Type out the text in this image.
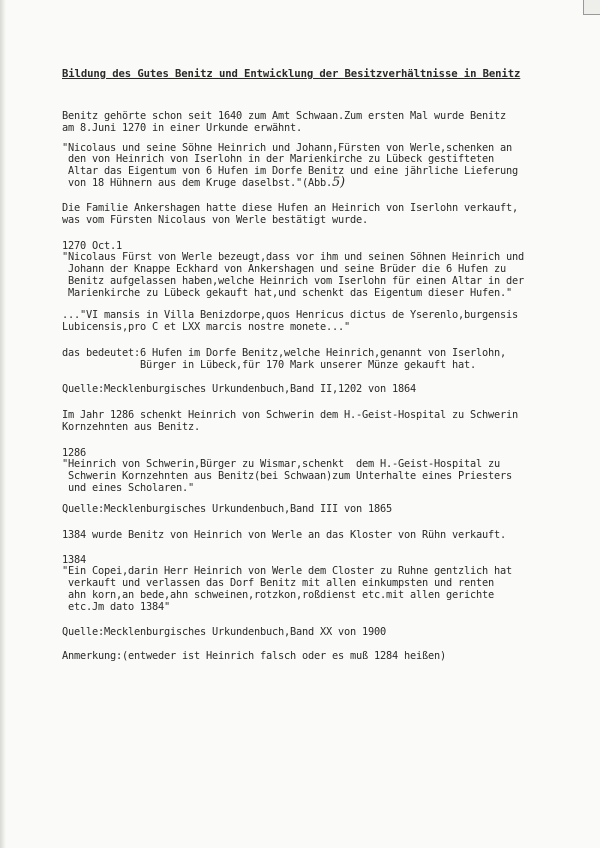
Bildung des Gutes Benitz und Entwicklung der Besitzverhältnisse in Benitz
Benitz gehörte schon seit 1640 zum Amt Schwaan.Zum ersten Mal wurde Benitz
am 8.Juni 1270 in einer Urkunde erwähnt.
"Nicolaus und seine Söhne Heinrich und Johann,Fürsten von Werle,schenken an
den von Heinrich von Iserlohn in der Marienkirche zu Lübeck gestifteten
Altar das Eigentum von 6 Hufen im Dorfe Benitz und eine jährliche Lieferung
von 18 Hühnern aus dem Kruge daselbst."(Abb.5)
Die Familie Ankershagen hatte diese Hufen an Heinrich von Iserlohn verkauft,
was vom Fürsten Nicolaus von Werle bestätigt wurde.
1270 Oct.1
"Nicolaus Fürst von Werle bezeugt,dass vor ihm und seinen Söhnen Heinrich und
Johann der Knappe Eckhard von Ankershagen und seine Brüder die 6 Hufen zu
Benitz aufgelassen haben,welche Heinrich vom Iserlohn für einen Altar in der
Marienkirche zu Lübeck gekauft hat,und schenkt das Eigentum dieser Hufen."
..."VI mansis in Villa Benizdorpe,quos Henricus dictus de Yserenlo,burgensis
Lubicensis,pro C et LXX marcis nostre monete..."
das bedeutet:6 Hufen im Dorfe Benitz,welche Heinrich,genannt von Iserlohn,
Bürger in Lübeck,für 170 Mark unserer Münze gekauft hat.
Quelle:Mecklenburgisches Urkundenbuch,Band II,1202 von 1864
Im Jahr 1286 schenkt Heinrich von Schwerin dem H.-Geist-Hospital zu Schwerin
Kornzehnten aus Benitz.
1286
"Heinrich von Schwerin,Bürger zu Wismar,schenkt  dem H.-Geist-Hospital zu
Schwerin Kornzehnten aus Benitz(bei Schwaan)zum Unterhalte eines Priesters
und eines Scholaren."
Quelle:Mecklenburgisches Urkundenbuch,Band III von 1865
1384 wurde Benitz von Heinrich von Werle an das Kloster von Rühn verkauft.
1384
"Ein Copei,darin Herr Heinrich von Werle dem Closter zu Ruhne gentzlich hat
verkauft und verlassen das Dorf Benitz mit allen einkumpsten und renten
ahn korn,an bede,ahn schweinen,rotzkon,roßdienst etc.mit allen gerichte
etc.Jm dato 1384"
Quelle:Mecklenburgisches Urkundenbuch,Band XX von 1900
Anmerkung:(entweder ist Heinrich falsch oder es muß 1284 heißen)
